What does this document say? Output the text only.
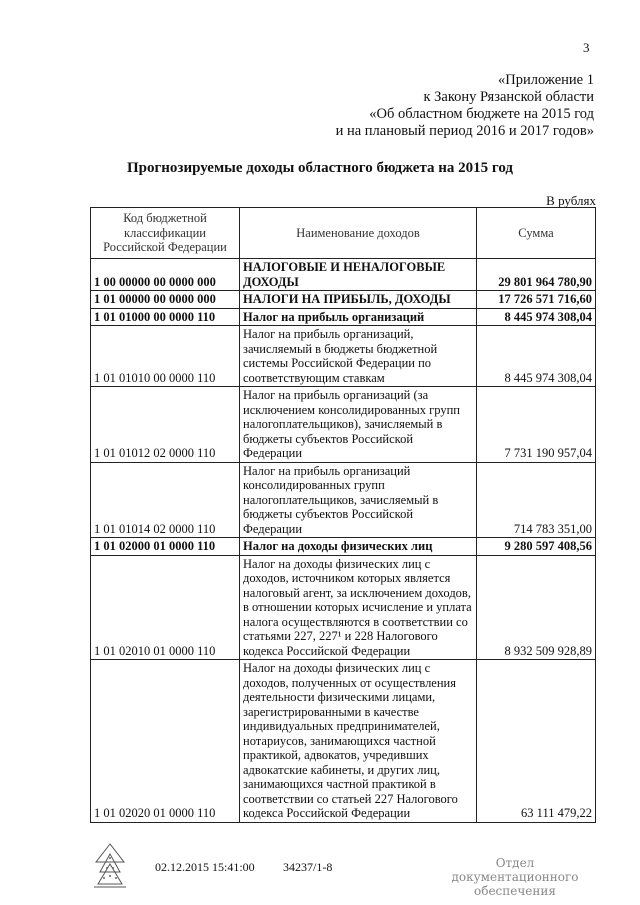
3
«Приложение 1
к Закону Рязанской области
«Об областном бюджете на 2015 год
и на плановый период 2016 и 2017 годов»
Прогнозируемые доходы областного бюджета на 2015 год
В рублях
Код бюджетной классификации Российской Федерации	Наименование доходов	Сумма
1 00 00000 00 0000 000	НАЛОГОВЫЕ И НЕНАЛОГОВЫЕ ДОХОДЫ	29 801 964 780,90
1 01 00000 00 0000 000	НАЛОГИ НА ПРИБЫЛЬ, ДОХОДЫ	17 726 571 716,60
1 01 01000 00 0000 110	Налог на прибыль организаций	8 445 974 308,04
1 01 01010 00 0000 110	Налог на прибыль организаций, зачисляемый в бюджеты бюджетной системы Российской Федерации по соответствующим ставкам	8 445 974 308,04
1 01 01012 02 0000 110	Налог на прибыль организаций (за исключением консолидированных групп налогоплательщиков), зачисляемый в бюджеты субъектов Российской Федерации	7 731 190 957,04
1 01 01014 02 0000 110	Налог на прибыль организаций консолидированных групп налогоплательщиков, зачисляемый в бюджеты субъектов Российской Федерации	714 783 351,00
1 01 02000 01 0000 110	Налог на доходы физических лиц	9 280 597 408,56
1 01 02010 01 0000 110	Налог на доходы физических лиц с доходов, источником которых является налоговый агент, за исключением доходов, в отношении которых исчисление и уплата налога осуществляются в соответствии со статьями 227, 227¹ и 228 Налогового кодекса Российской Федерации	8 932 509 928,89
1 01 02020 01 0000 110	Налог на доходы физических лиц с доходов, полученных от осуществления деятельности физическими лицами, зарегистрированными в качестве индивидуальных предпринимателей, нотариусов, занимающихся частной практикой, адвокатов, учредивших адвокатские кабинеты, и других лиц, занимающихся частной практикой в соответствии со статьей 227 Налогового кодекса Российской Федерации	63 111 479,22
02.12.2015 15:41:00 34237/1-8	Отдел документационного обеспечения
